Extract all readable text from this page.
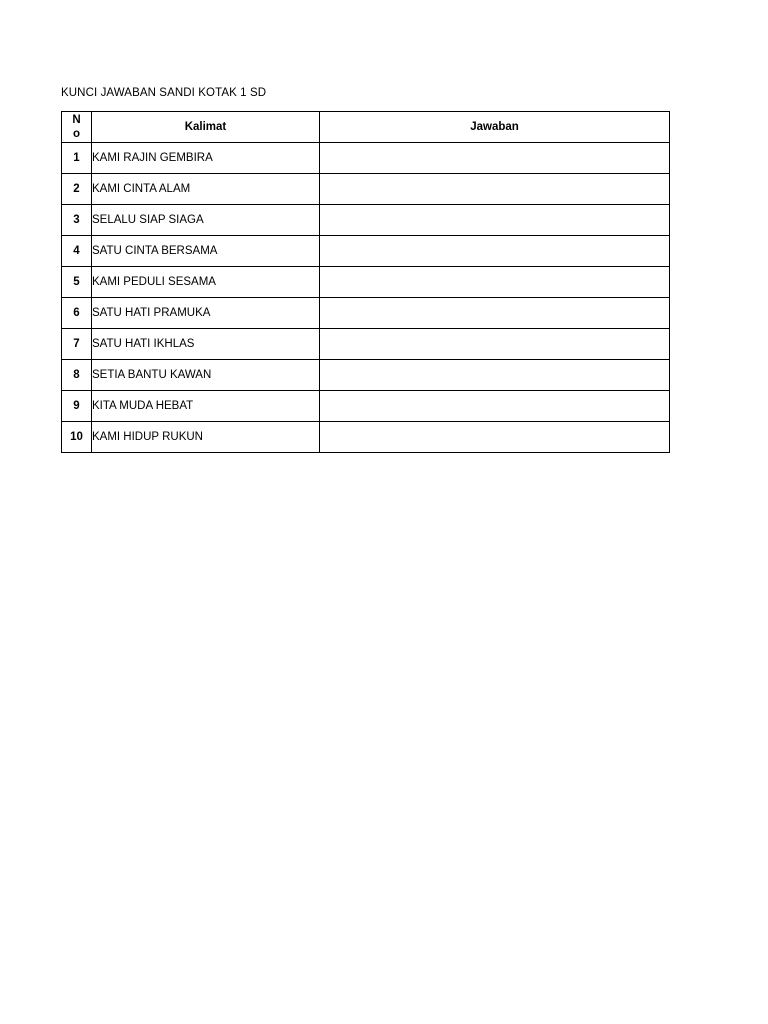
KUNCI JAWABAN SANDI KOTAK 1 SD
No	Kalimat	Jawaban
1	KAMI RAJIN GEMBIRA	
2	KAMI CINTA ALAM	
3	SELALU SIAP SIAGA	
4	SATU CINTA BERSAMA	
5	KAMI PEDULI SESAMA	
6	SATU HATI PRAMUKA	
7	SATU HATI IKHLAS	
8	SETIA BANTU KAWAN	
9	KITA MUDA HEBAT	
10	KAMI HIDUP RUKUN	
